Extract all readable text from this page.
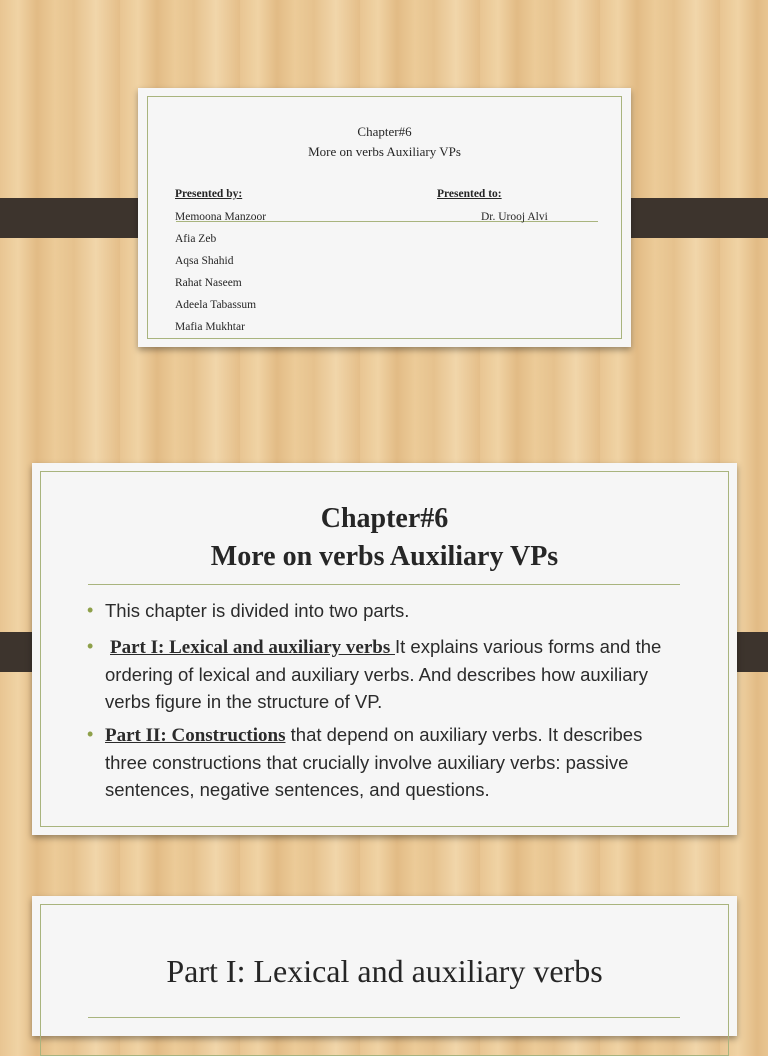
Chapter#6
More on verbs Auxiliary VPs
Presented by:	Presented to:
Memoona Manzoor	Dr. Urooj Alvi
Afia Zeb
Aqsa Shahid
Rahat Naseem
Adeela Tabassum
Mafia Mukhtar
Chapter#6
More on verbs Auxiliary VPs
• This chapter is divided into two parts.
• Part I: Lexical and auxiliary verbs It explains various forms and the ordering of lexical and auxiliary verbs. And describes how auxiliary verbs figure in the structure of VP.
• Part II: Constructions that depend on auxiliary verbs. It describes three constructions that crucially involve auxiliary verbs: passive sentences, negative sentences, and questions.
Part I: Lexical and auxiliary verbs
